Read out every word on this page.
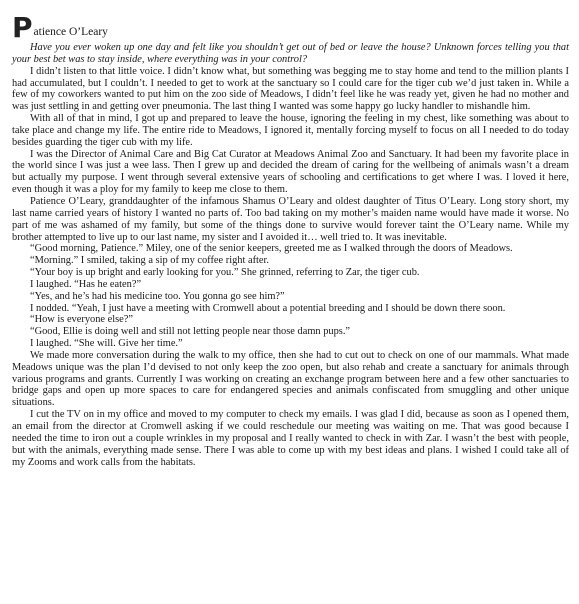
P atience O’Leary

Have you ever woken up one day and felt like you shouldn’t get out of bed or leave the house? Unknown forces telling you that your best bet was to stay inside, where everything was in your control?

I didn’t listen to that little voice. I didn’t know what, but something was begging me to stay home and tend to the million plants I had accumulated, but I couldn’t. I needed to get to work at the sanctuary so I could care for the tiger cub we’d just taken in. While a few of my coworkers wanted to put him on the zoo side of Meadows, I didn’t feel like he was ready yet, given he had no mother and was just settling in and getting over pneumonia. The last thing I wanted was some happy go lucky handler to mishandle him.

With all of that in mind, I got up and prepared to leave the house, ignoring the feeling in my chest, like something was about to take place and change my life. The entire ride to Meadows, I ignored it, mentally forcing myself to focus on all I needed to do today besides guarding the tiger cub with my life.

I was the Director of Animal Care and Big Cat Curator at Meadows Animal Zoo and Sanctuary. It had been my favorite place in the world since I was just a wee lass. Then I grew up and decided the dream of caring for the wellbeing of animals wasn’t a dream but actually my purpose. I went through several extensive years of schooling and certifications to get where I was. I loved it here, even though it was a ploy for my family to keep me close to them.

Patience O’Leary, granddaughter of the infamous Shamus O’Leary and oldest daughter of Titus O’Leary. Long story short, my last name carried years of history I wanted no parts of. Too bad taking on my mother’s maiden name would have made it worse. No part of me was ashamed of my family, but some of the things done to survive would forever taint the O’Leary name. While my brother attempted to live up to our last name, my sister and I avoided it… well tried to. It was inevitable.

“Good morning, Patience.” Miley, one of the senior keepers, greeted me as I walked through the doors of Meadows.

“Morning.” I smiled, taking a sip of my coffee right after.

“Your boy is up bright and early looking for you.” She grinned, referring to Zar, the tiger cub.

I laughed. “Has he eaten?”

“Yes, and he’s had his medicine too. You gonna go see him?”

I nodded. “Yeah, I just have a meeting with Cromwell about a potential breeding and I should be down there soon.

“How is everyone else?”

“Good, Ellie is doing well and still not letting people near those damn pups.”

I laughed. “She will. Give her time.”

We made more conversation during the walk to my office, then she had to cut out to check on one of our mammals. What made Meadows unique was the plan I’d devised to not only keep the zoo open, but also rehab and create a sanctuary for animals through various programs and grants. Currently I was working on creating an exchange program between here and a few other sanctuaries to bridge gaps and open up more spaces to care for endangered species and animals confiscated from smuggling and other unique situations.

I cut the TV on in my office and moved to my computer to check my emails. I was glad I did, because as soon as I opened them, an email from the director at Cromwell asking if we could reschedule our meeting was waiting on me. That was good because I needed the time to iron out a couple wrinkles in my proposal and I really wanted to check in with Zar. I wasn’t the best with people, but with the animals, everything made sense. There I was able to come up with my best ideas and plans. I wished I could take all of my Zooms and work calls from the habitats.
